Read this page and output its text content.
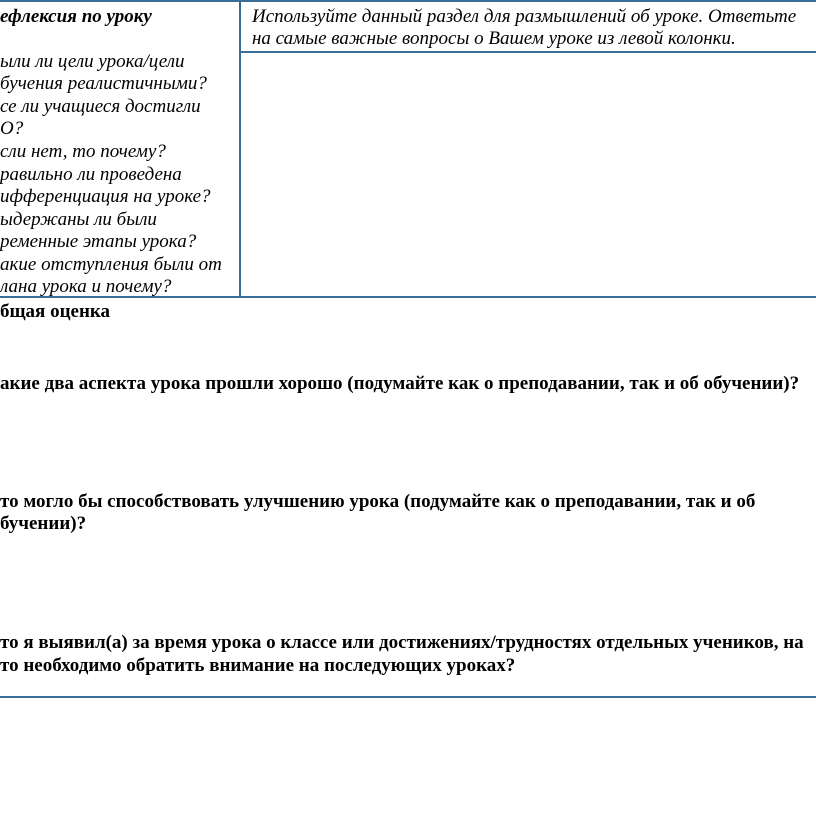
ефлексия по уроку	Используйте данный раздел для размышлений об уроке. Ответьте
на самые важные вопросы о Вашем уроке из левой колонки.
ыли ли цели урока/цели
бучения реалистичными?
се ли учащиеся достигли
О?
сли нет, то почему?
равильно ли проведена
ифференциация на уроке?
ыдержаны ли были
ременные этапы урока?
акие отступления были от
лана урока и почему?
бщая оценка
акие два аспекта урока прошли хорошо (подумайте как о преподавании, так и об обучении)?
то могло бы способствовать улучшению урока (подумайте как о преподавании, так и об
бучении)?
то я выявил(а) за время урока о классе или достижениях/трудностях отдельных учеников, на
то необходимо обратить внимание на последующих уроках?
